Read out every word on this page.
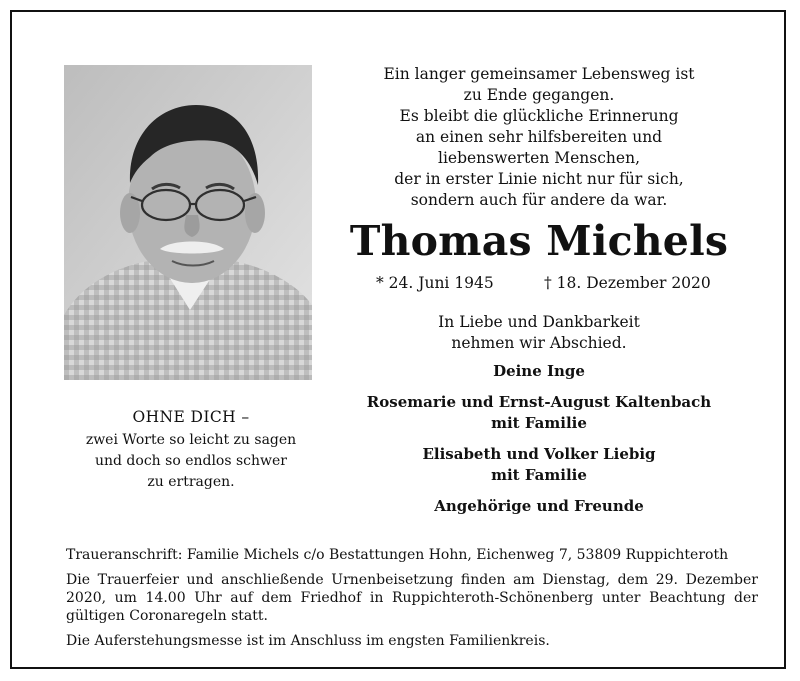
Ein langer gemeinsamer Lebensweg ist
zu Ende gegangen.
Es bleibt die glückliche Erinnerung
an einen sehr hilfsbereiten und
liebenswerten Menschen,
der in erster Linie nicht nur für sich,
sondern auch für andere da war.
Thomas Michels
* 24. Juni 1945	† 18. Dezember 2020
In Liebe und Dankbarkeit
nehmen wir Abschied.
Deine Inge
Rosemarie und Ernst-August Kaltenbach
mit Familie
Elisabeth und Volker Liebig
mit Familie
Angehörige und Freunde
OHNE DICH –
zwei Worte so leicht zu sagen
und doch so endlos schwer
zu ertragen.

Traueranschrift: Familie Michels c/o Bestattungen Hohn, Eichenweg 7, 53809 Ruppichteroth

Die Trauerfeier und anschließende Urnenbeisetzung finden am Dienstag, dem 29. Dezember 2020, um 14.00 Uhr auf dem Friedhof in Ruppichteroth-Schönenberg unter Beachtung der gültigen Coronaregeln statt.

Die Auferstehungsmesse ist im Anschluss im engsten Familienkreis.
